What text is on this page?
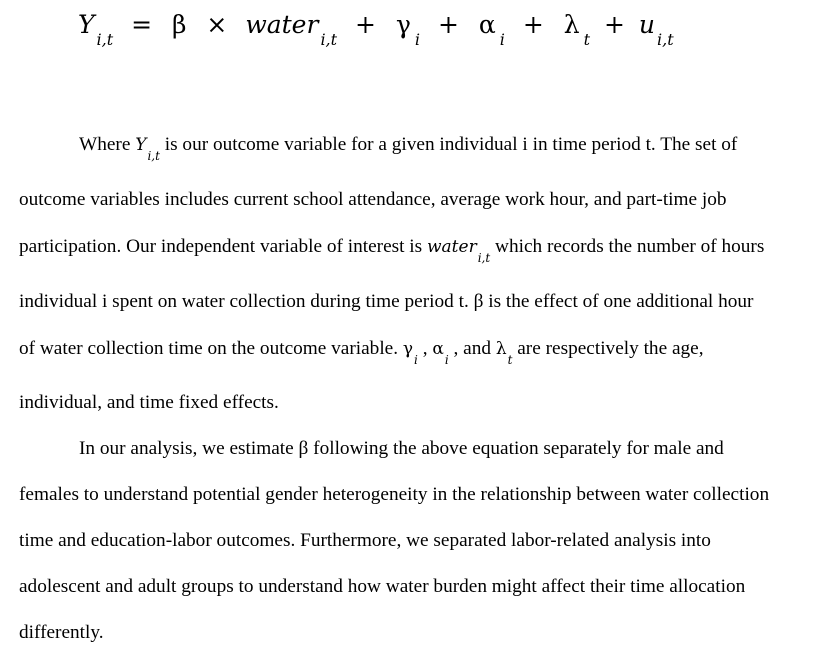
$Y_{i,t} = \beta$ × water$_{i,t}$ + $\gamma_i + \alpha_i + \lambda_t + u_{i,t}$
Where $Y_{i,t}$ is our outcome variable for a given individual i in time period t. The set of
outcome variables includes current school attendance, average work hour, and part-time job
participation. Our independent variable of interest is water$_{i,t}$ which records the number of hours
individual i spent on water collection during time period t. β is the effect of one additional hour
of water collection time on the outcome variable. $\gamma_i$ , $\alpha_i$ , and $\lambda_t$ are respectively the age,
individual, and time fixed effects.
In our analysis, we estimate β following the above equation separately for male and
females to understand potential gender heterogeneity in the relationship between water collection
time and education-labor outcomes. Furthermore, we separated labor-related analysis into
adolescent and adult groups to understand how water burden might affect their time allocation
differently.
